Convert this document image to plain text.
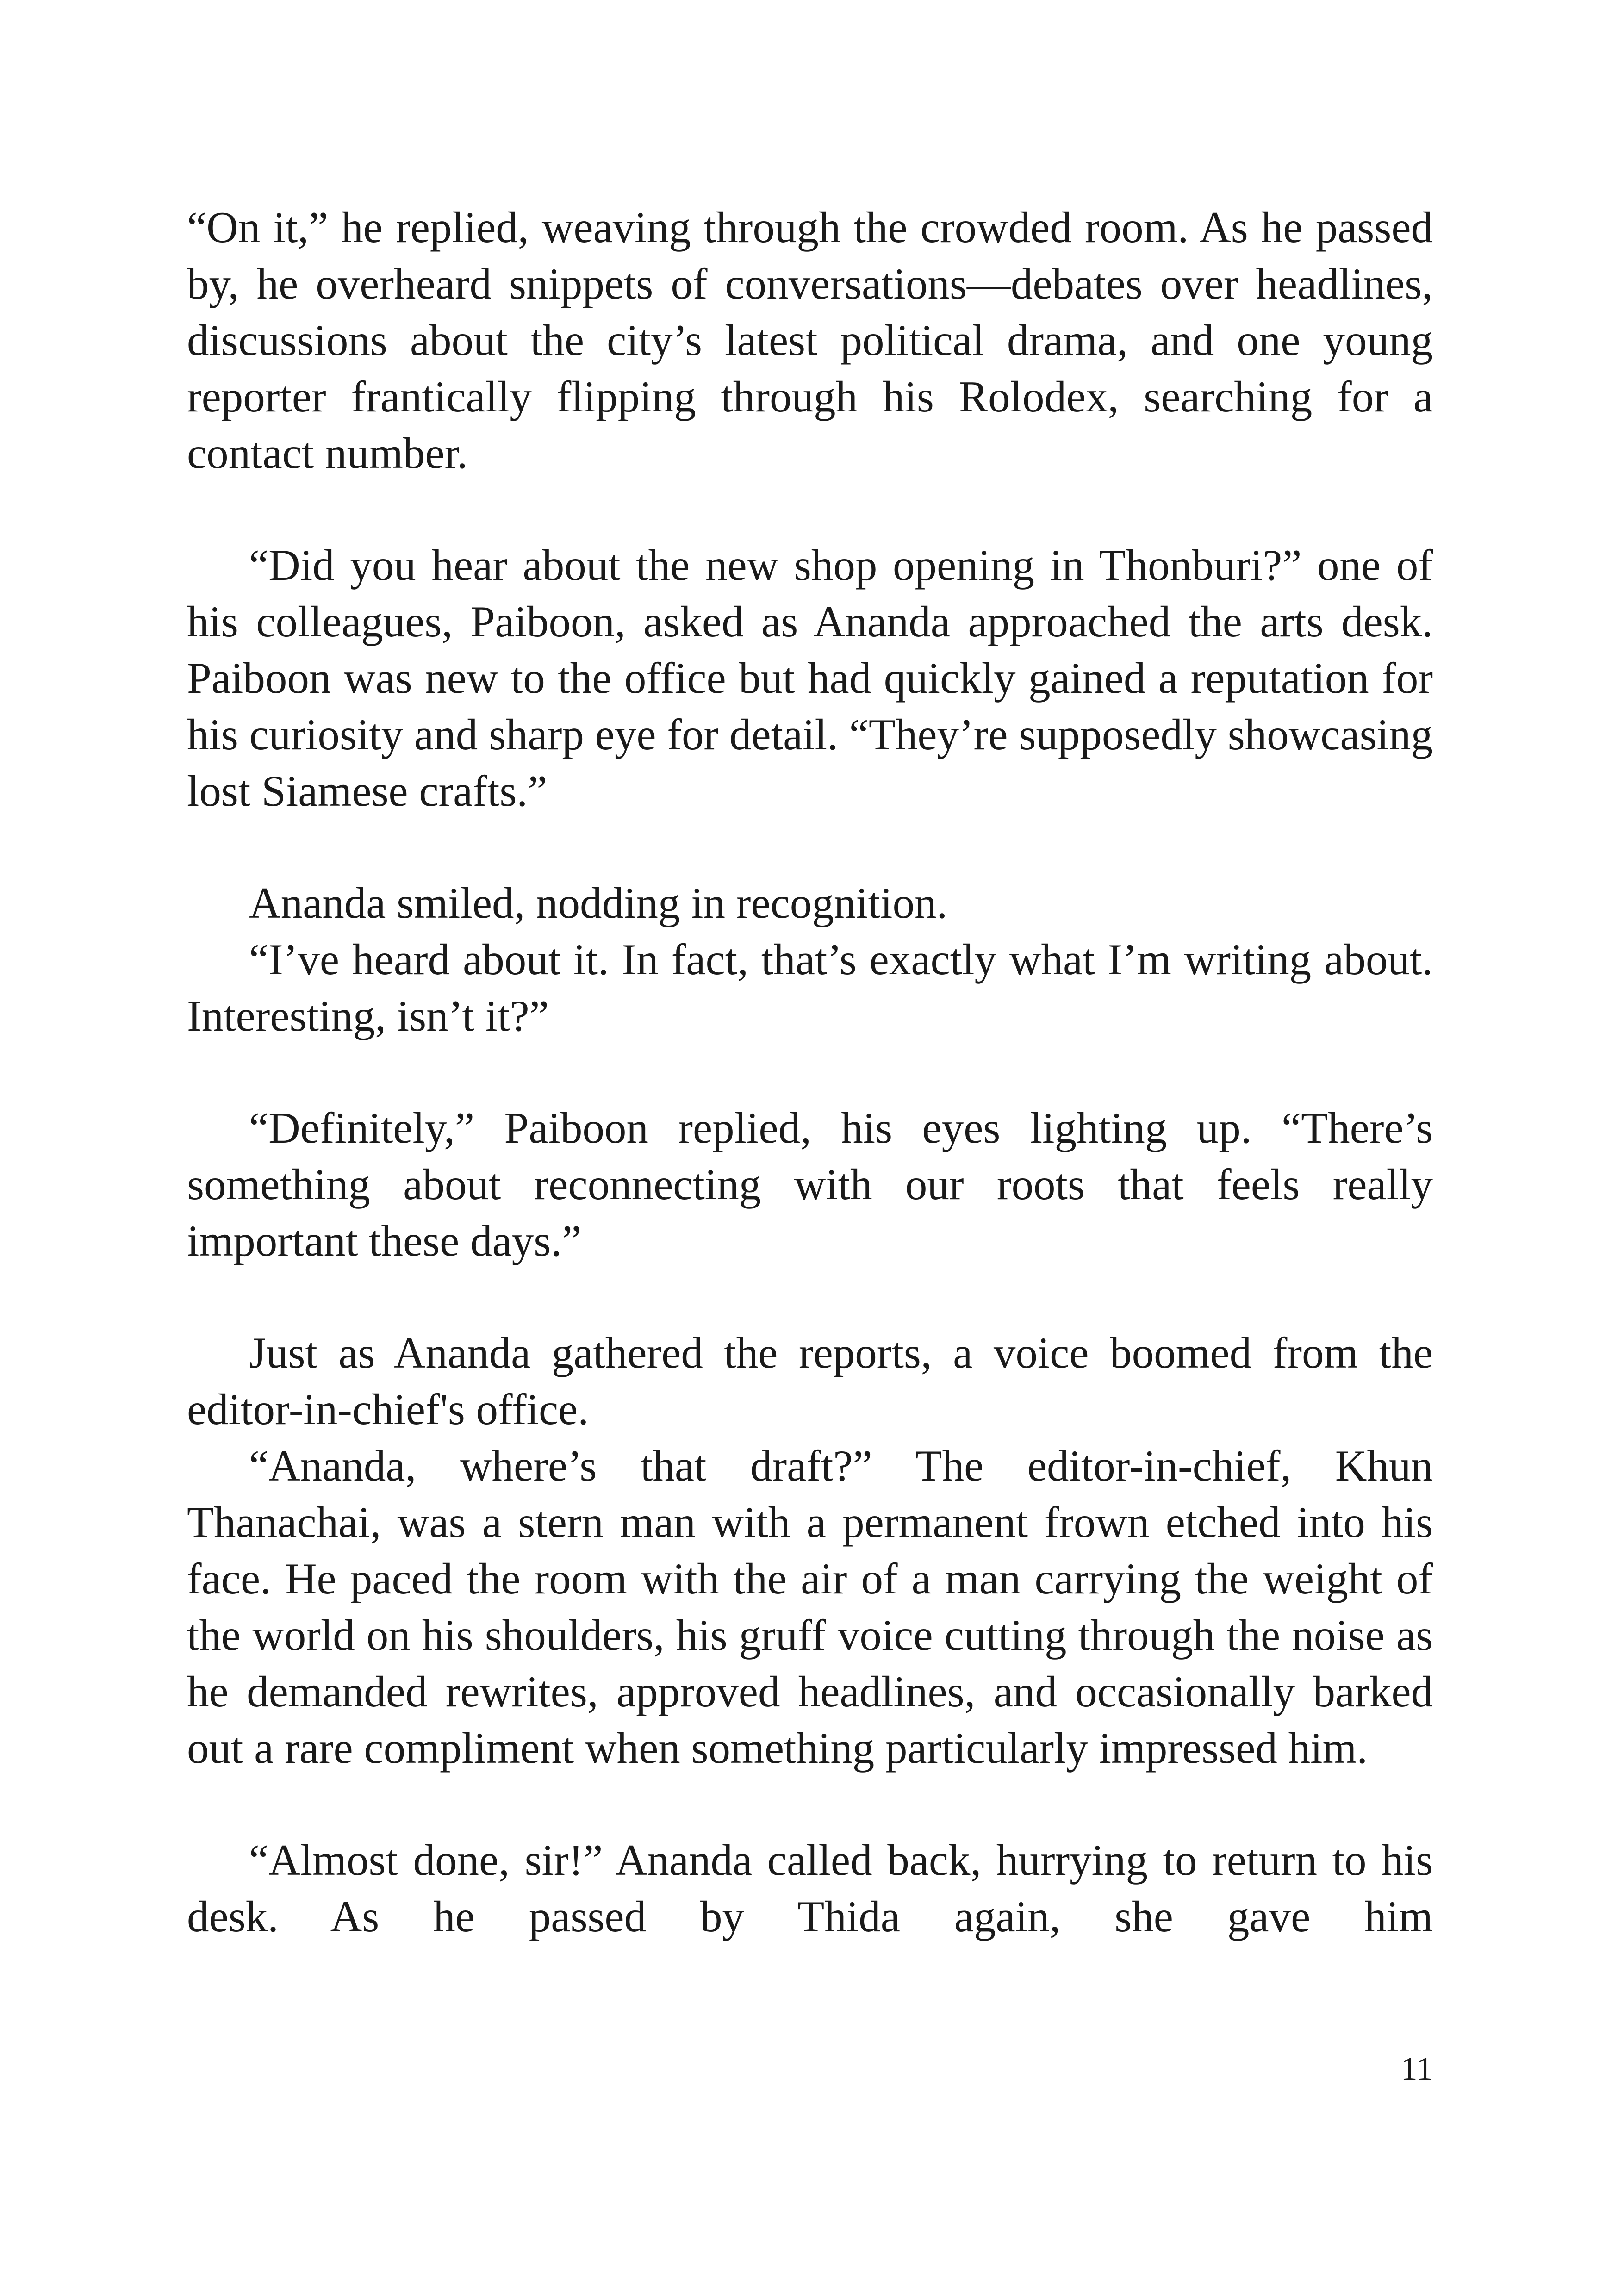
“On it,” he replied, weaving through the crowded room. As he passed by, he overheard snippets of conversations—debates over headlines, discussions about the city’s latest political drama, and one young reporter frantically flipping through his Rolodex, searching for a contact number.

“Did you hear about the new shop opening in Thonburi?” one of his colleagues, Paiboon, asked as Ananda approached the arts desk. Paiboon was new to the office but had quickly gained a reputation for his curiosity and sharp eye for detail. “They’re supposedly showcasing lost Siamese crafts.”

Ananda smiled, nodding in recognition.

“I’ve heard about it. In fact, that’s exactly what I’m writing about. Interesting, isn’t it?”

“Definitely,” Paiboon replied, his eyes lighting up. “There’s something about reconnecting with our roots that feels really important these days.”

Just as Ananda gathered the reports, a voice boomed from the editor-in-chief's office.

“Ananda, where’s that draft?” The editor-in-chief, Khun Thanachai, was a stern man with a permanent frown etched into his face. He paced the room with the air of a man carrying the weight of the world on his shoulders, his gruff voice cutting through the noise as he demanded rewrites, approved headlines, and occasionally barked out a rare compliment when something particularly impressed him.

“Almost done, sir!” Ananda called back, hurrying to return to his desk. As he passed by Thida again, she gave him

11
